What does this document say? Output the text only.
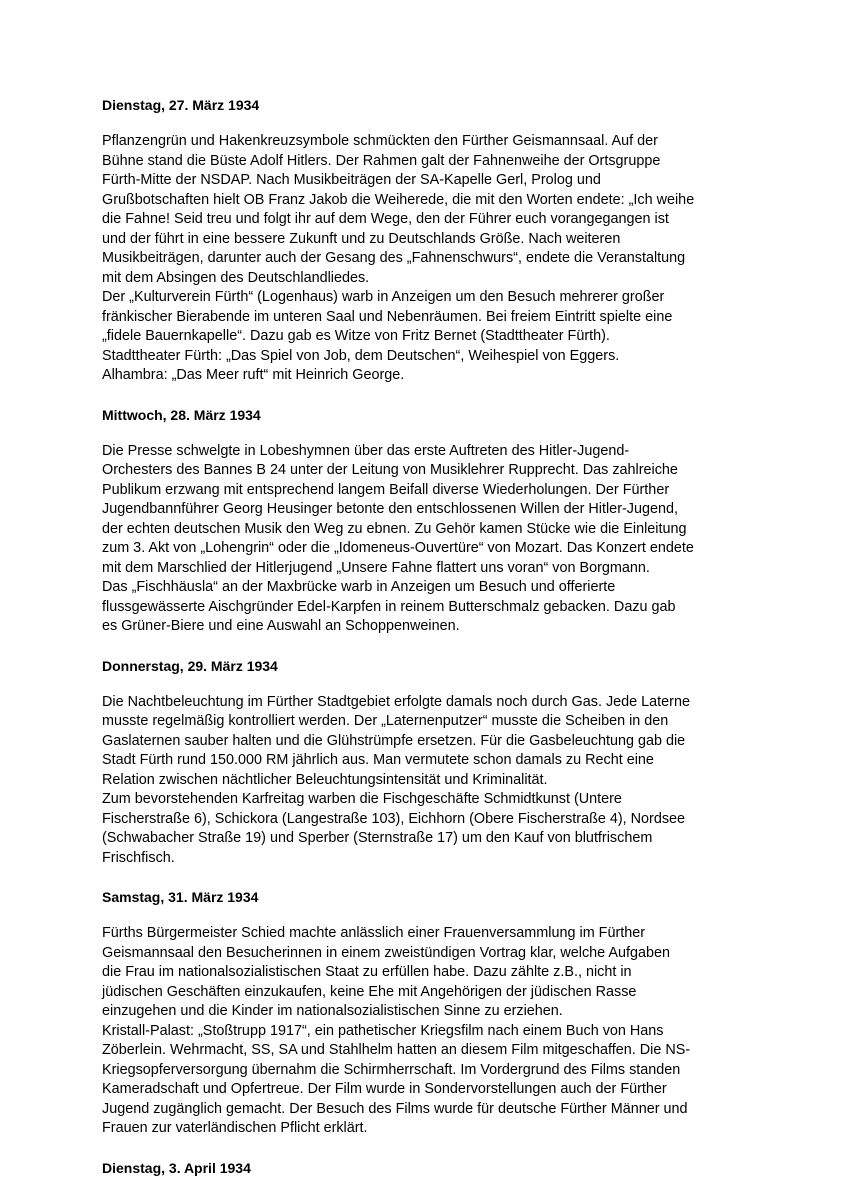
Dienstag, 27. März 1934

Pflanzengrün und Hakenkreuzsymbole schmückten den Fürther Geismannsaal. Auf der
Bühne stand die Büste Adolf Hitlers. Der Rahmen galt der Fahnenweihe der Ortsgruppe
Fürth-Mitte der NSDAP. Nach Musikbeiträgen der SA-Kapelle Gerl, Prolog und
Grußbotschaften hielt OB Franz Jakob die Weiherede, die mit den Worten endete: „Ich weihe
die Fahne! Seid treu und folgt ihr auf dem Wege, den der Führer euch vorangegangen ist
und der führt in eine bessere Zukunft und zu Deutschlands Größe. Nach weiteren
Musikbeiträgen, darunter auch der Gesang des „Fahnenschwurs“, endete die Veranstaltung
mit dem Absingen des Deutschlandliedes.
Der „Kulturverein Fürth“ (Logenhaus) warb in Anzeigen um den Besuch mehrerer großer
fränkischer Bierabende im unteren Saal und Nebenräumen. Bei freiem Eintritt spielte eine
„fidele Bauernkapelle“. Dazu gab es Witze von Fritz Bernet (Stadttheater Fürth).
Stadttheater Fürth: „Das Spiel von Job, dem Deutschen“, Weihespiel von Eggers.
Alhambra: „Das Meer ruft“ mit Heinrich George.

Mittwoch, 28. März 1934

Die Presse schwelgte in Lobeshymnen über das erste Auftreten des Hitler-Jugend-
Orchesters des Bannes B 24 unter der Leitung von Musiklehrer Rupprecht. Das zahlreiche
Publikum erzwang mit entsprechend langem Beifall diverse Wiederholungen. Der Fürther
Jugendbannführer Georg Heusinger betonte den entschlossenen Willen der Hitler-Jugend,
der echten deutschen Musik den Weg zu ebnen. Zu Gehör kamen Stücke wie die Einleitung
zum 3. Akt von „Lohengrin“ oder die „Idomeneus-Ouvertüre“ von Mozart. Das Konzert endete
mit dem Marschlied der Hitlerjugend „Unsere Fahne flattert uns voran“ von Borgmann.
Das „Fischhäusla“ an der Maxbrücke warb in Anzeigen um Besuch und offerierte
flussgewässerte Aischgründer Edel-Karpfen in reinem Butterschmalz gebacken. Dazu gab
es Grüner-Biere und eine Auswahl an Schoppenweinen.

Donnerstag, 29. März 1934

Die Nachtbeleuchtung im Fürther Stadtgebiet erfolgte damals noch durch Gas. Jede Laterne
musste regelmäßig kontrolliert werden. Der „Laternenputzer“ musste die Scheiben in den
Gaslaternen sauber halten und die Glühstrümpfe ersetzen. Für die Gasbeleuchtung gab die
Stadt Fürth rund 150.000 RM jährlich aus. Man vermutete schon damals zu Recht eine
Relation zwischen nächtlicher Beleuchtungsintensität und Kriminalität.
Zum bevorstehenden Karfreitag warben die Fischgeschäfte Schmidtkunst (Untere
Fischerstraße 6), Schickora (Langestraße 103), Eichhorn (Obere Fischerstraße 4), Nordsee
(Schwabacher Straße 19) und Sperber (Sternstraße 17) um den Kauf von blutfrischem
Frischfisch.

Samstag, 31. März 1934

Fürths Bürgermeister Schied machte anlässlich einer Frauenversammlung im Fürther
Geismannsaal den Besucherinnen in einem zweistündigen Vortrag klar, welche Aufgaben
die Frau im nationalsozialistischen Staat zu erfüllen habe. Dazu zählte z.B., nicht in
jüdischen Geschäften einzukaufen, keine Ehe mit Angehörigen der jüdischen Rasse
einzugehen und die Kinder im nationalsozialistischen Sinne zu erziehen.
Kristall-Palast: „Stoßtrupp 1917“, ein pathetischer Kriegsfilm nach einem Buch von Hans
Zöberlein. Wehrmacht, SS, SA und Stahlhelm hatten an diesem Film mitgeschaffen. Die NS-
Kriegsopferversorgung übernahm die Schirmherrschaft. Im Vordergrund des Films standen
Kameradschaft und Opfertreue. Der Film wurde in Sondervorstellungen auch der Fürther
Jugend zugänglich gemacht. Der Besuch des Films wurde für deutsche Fürther Männer und
Frauen zur vaterländischen Pflicht erklärt.

Dienstag, 3. April 1934
